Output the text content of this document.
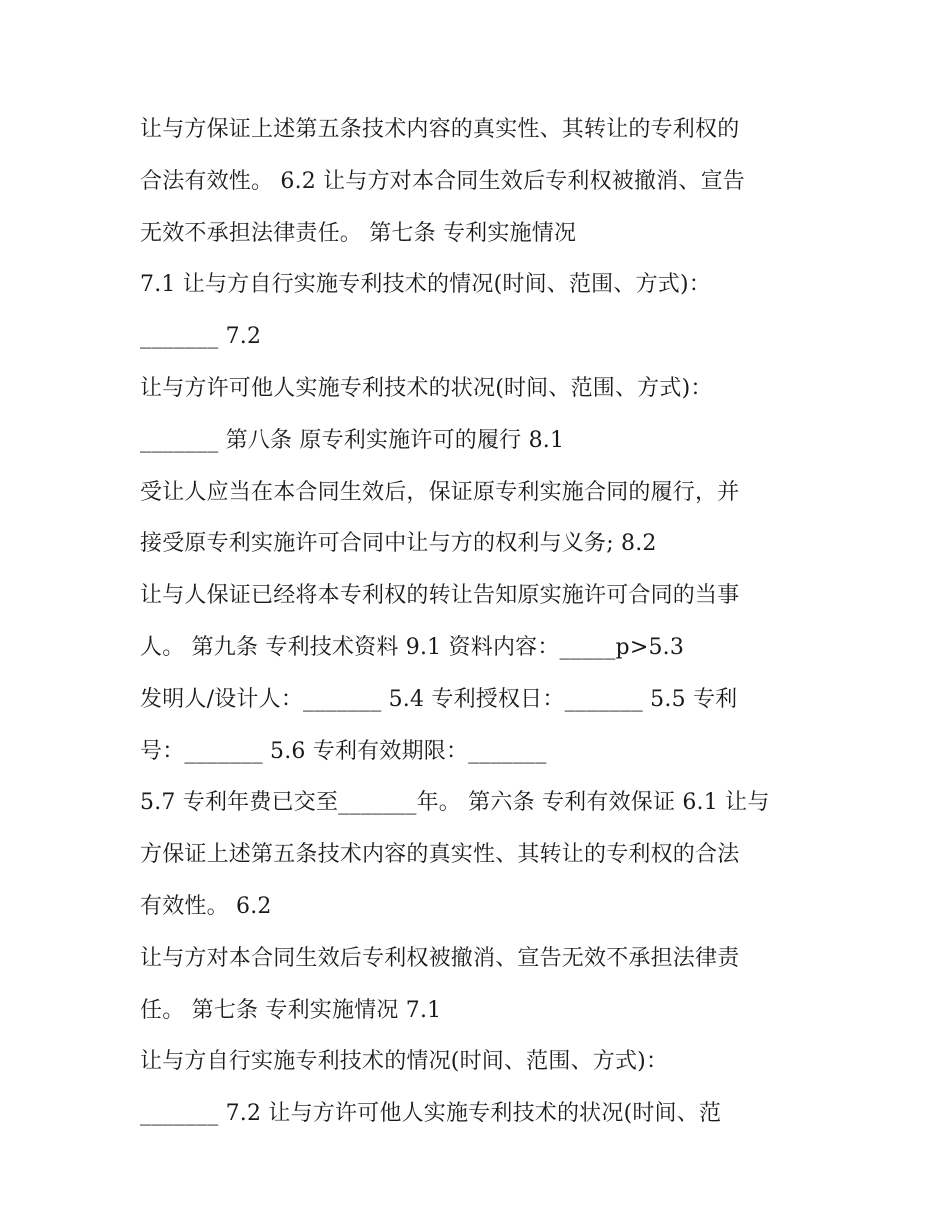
让与方保证上述第五条技术内容的真实性、其转让的专利权的
合法有效性。 6.2 让与方对本合同生效后专利权被撤消、宣告
无效不承担法律责任。 第七条 专利实施情况
7.1 让与方自行实施专利技术的情况(时间、范围、方式)：
_______ 7.2
让与方许可他人实施专利技术的状况(时间、范围、方式)：
_______ 第八条 原专利实施许可的履行 8.1
受让人应当在本合同生效后，保证原专利实施合同的履行，并
接受原专利实施许可合同中让与方的权利与义务; 8.2
让与人保证已经将本专利权的转让告知原实施许可合同的当事
人。 第九条 专利技术资料 9.1 资料内容：_____p>5.3
发明人/设计人：_______ 5.4 专利授权日：_______ 5.5 专利
号：_______ 5.6 专利有效期限：_______
5.7 专利年费已交至_______年。 第六条 专利有效保证 6.1 让与
方保证上述第五条技术内容的真实性、其转让的专利权的合法
有效性。 6.2
让与方对本合同生效后专利权被撤消、宣告无效不承担法律责
任。 第七条 专利实施情况 7.1
让与方自行实施专利技术的情况(时间、范围、方式)：
_______ 7.2 让与方许可他人实施专利技术的状况(时间、范
